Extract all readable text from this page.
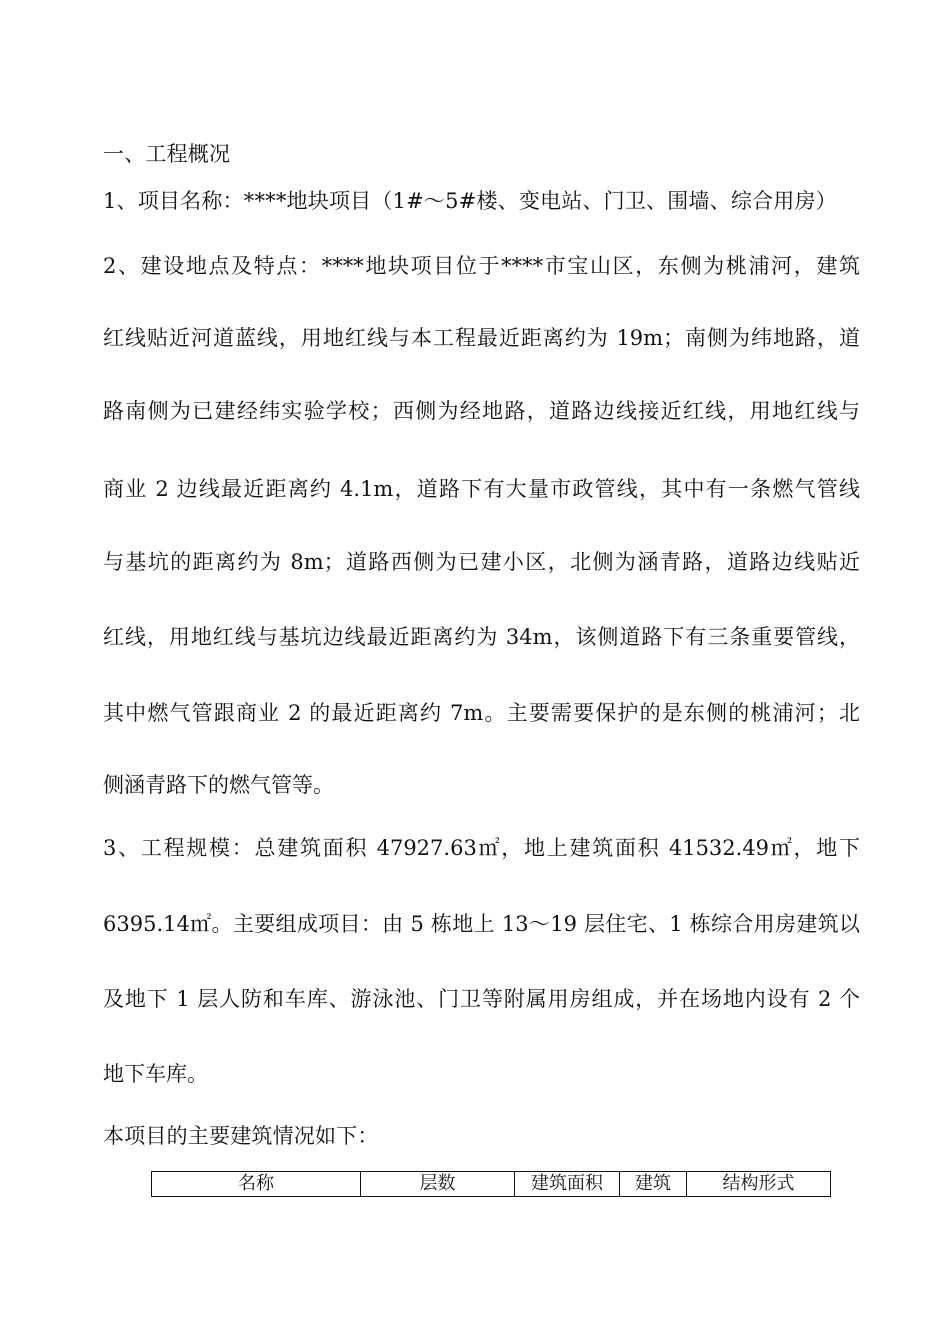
一、工程概况
1、项目名称：****地块项目（1#～5#楼、变电站、门卫、围墙、综合用房）
2、建设地点及特点：****地块项目位于****市宝山区，东侧为桃浦河，建筑
红线贴近河道蓝线，用地红线与本工程最近距离约为 19m；南侧为纬地路，道
路南侧为已建经纬实验学校；西侧为经地路，道路边线接近红线，用地红线与
商业 2 边线最近距离约 4.1m，道路下有大量市政管线，其中有一条燃气管线
与基坑的距离约为 8m；道路西侧为已建小区，北侧为涵青路，道路边线贴近
红线，用地红线与基坑边线最近距离约为 34m，该侧道路下有三条重要管线，
其中燃气管跟商业 2 的最近距离约 7m。主要需要保护的是东侧的桃浦河；北
侧涵青路下的燃气管等。
3、工程规模：总建筑面积 47927.63㎡，地上建筑面积 41532.49㎡，地下
6395.14㎡。主要组成项目：由 5 栋地上 13～19 层住宅、1 栋综合用房建筑以
及地下 1 层人防和车库、游泳池、门卫等附属用房组成，并在场地内设有 2 个
地下车库。
本项目的主要建筑情况如下：
名称	层数	建筑面积	建筑	结构形式
